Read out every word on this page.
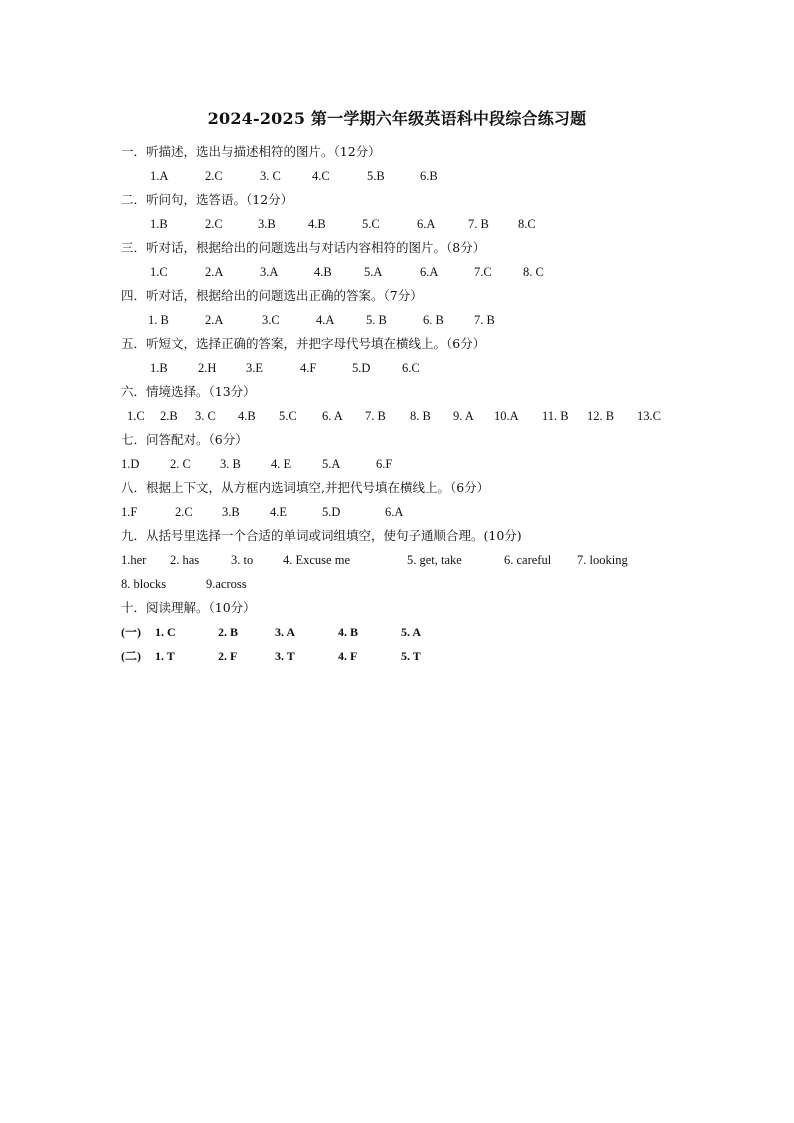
2024-2025 第一学期六年级英语科中段综合练习题
一．听描述，选出与描述相符的图片。（12分）
1.A	2.C	3. C 4.C	5.B	6.B
二．听问句，选答语。（12分）
1.B	2.C	3.B	4.B	5.C	6.A	7. B 8.C
三．听对话，根据给出的问题选出与对话内容相符的图片。（8分）
1.C	2.A	3.A	4.B	5.A	6.A	7.C	8. C
四．听对话，根据给出的问题选出正确的答案。（7分）
1. B	2.A	3.C	4.A	5. B	6. B 7. B
五．听短文，选择正确的答案，并把字母代号填在横线上。（6分）
1.B 2.H 3.E	4.F	5.D	6.C
六．情境选择。（13分）
1.C 2.B 3. C 4.B 5.C 6. A 7. B 8. B 9. A 10.A 11. B 12. B 13.C
七．问答配对。（6分）
1.D 2. C 3. B 4. E 5.A	6.F
八．根据上下文，从方框内选词填空,并把代号填在横线上。（6分）
1.F	2.C 3.B 4.E	5.D	6.A
九．从括号里选择一个合适的单词或词组填空，使句子通顺合理。(10分)
1.her 2. has	3. to 4. Excuse me	5. get, take	6. careful 7. looking
8. blocks	9.across
十．阅读理解。（10分）
(一) 1. C	2. B	3. A	4. B	5. A
(二) 1. T	2. F	3. T	4. F	5. T
